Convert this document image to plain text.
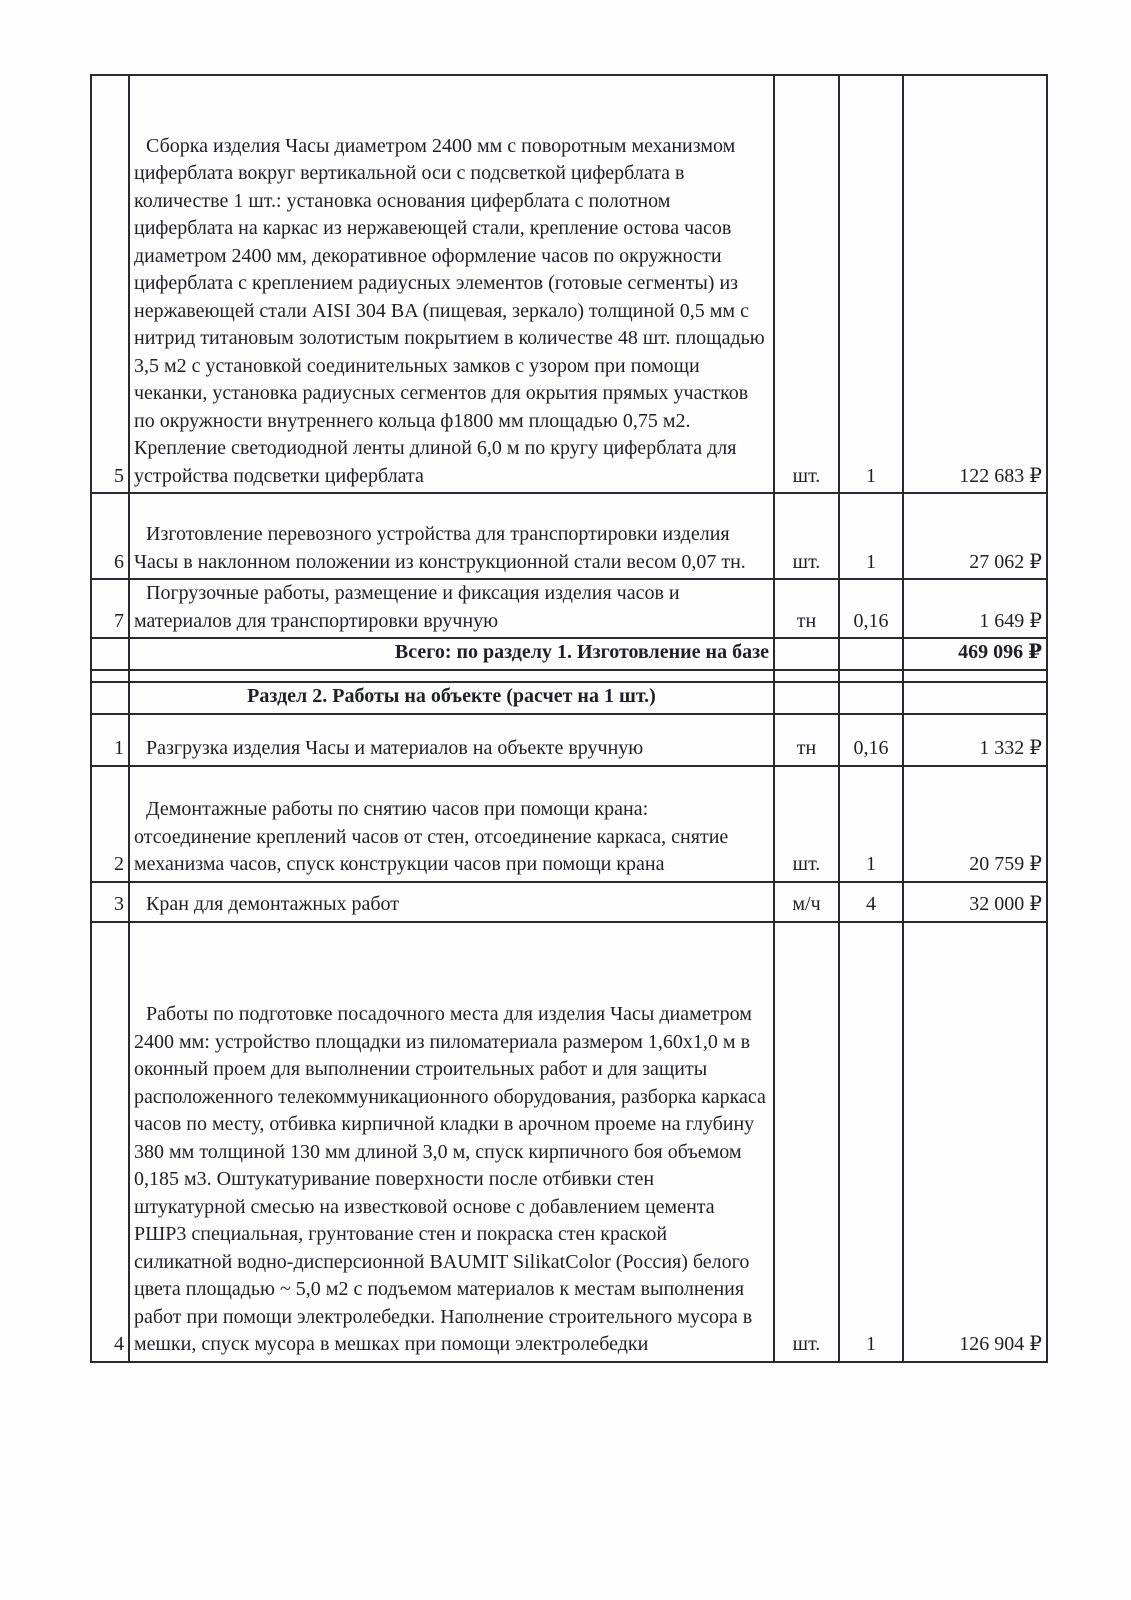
5	Сборка изделия Часы диаметром 2400 мм с поворотным механизмом циферблата вокруг вертикальной оси с подсветкой циферблата в количестве 1 шт.: установка основания циферблата с полотном циферблата на каркас из нержавеющей стали, крепление остова часов диаметром 2400 мм, декоративное оформление часов по окружности циферблата с креплением радиусных элементов (готовые сегменты) из нержавеющей стали AISI 304 BA (пищевая, зеркало) толщиной 0,5 мм с нитрид титановым золотистым покрытием в количестве 48 шт. площадью 3,5 м2 с установкой соединительных замков с узором при помощи чеканки, установка радиусных сегментов для окрытия прямых участков по окружности внутреннего кольца ф1800 мм площадью 0,75 м2. Крепление светодиодной ленты длиной 6,0 м по кругу циферблата для устройства подсветки циферблата	шт.	1	122 683 ₽
6	Изготовление перевозного устройства для транспортировки изделия Часы в наклонном положении из конструкционной стали весом 0,07 тн.	шт.	1	27 062 ₽
7	Погрузочные работы, размещение и фиксация изделия часов и материалов для транспортировки вручную	тн	0,16	1 649 ₽
	Всего: по разделу 1. Изготовление на базе			469 096 ₽

	Раздел 2. Работы на объекте (расчет на 1 шт.)			
1	Разгрузка изделия Часы и материалов на объекте вручную	тн	0,16	1 332 ₽
2	Демонтажные работы по снятию часов при помощи крана: отсоединение креплений часов от стен, отсоединение каркаса, снятие механизма часов, спуск конструкции часов при помощи крана	шт.	1	20 759 ₽
3	Кран для демонтажных работ	м/ч	4	32 000 ₽
4	Работы по подготовке посадочного места для изделия Часы диаметром 2400 мм: устройство площадки из пиломатериала размером 1,60х1,0 м в оконный проем для выполнении строительных работ и для защиты расположенного телекоммуникационного оборудования, разборка каркаса часов по месту, отбивка кирпичной кладки в арочном проеме на глубину 380 мм толщиной 130 мм длиной 3,0 м, спуск кирпичного боя объемом 0,185 м3. Оштукатуривание поверхности после отбивки стен штукатурной смесью на известковой основе с добавлением цемента РШР3 специальная, грунтование стен и покраска стен краской силикатной водно-дисперсионной BAUMIT SilikatColor (Россия) белого цвета площадью ~ 5,0 м2 с подъемом материалов к местам выполнения работ при помощи электролебедки. Наполнение строительного мусора в мешки, спуск мусора в мешках при помощи электролебедки	шт.	1	126 904 ₽
